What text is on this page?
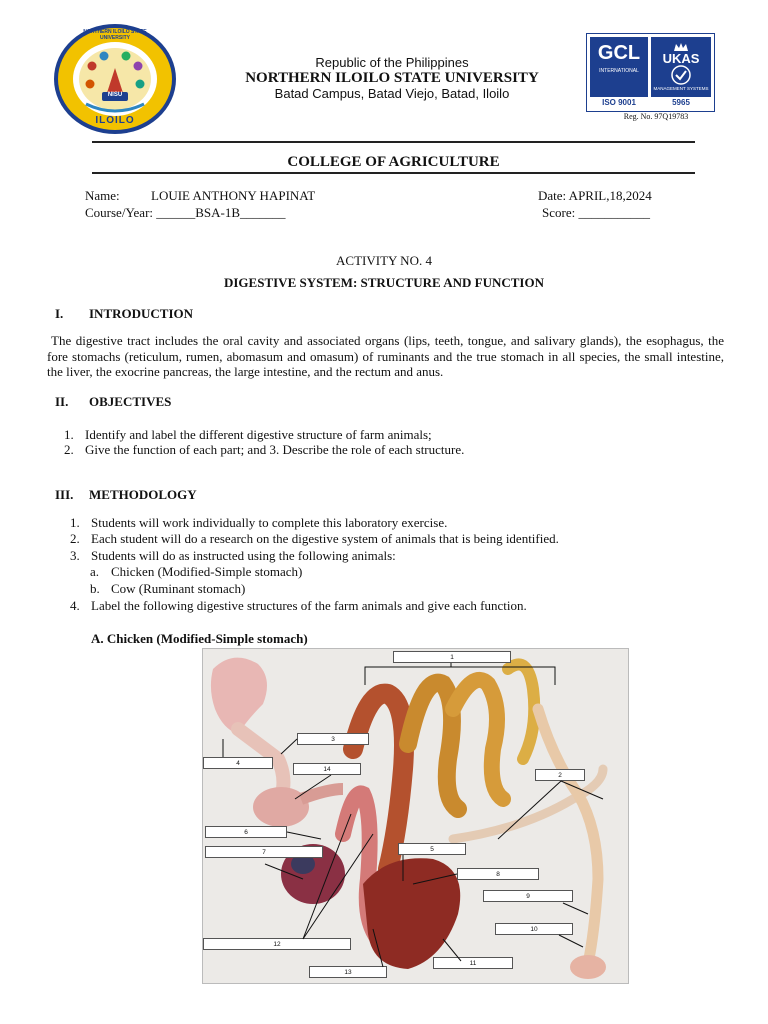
NISU
ILOILO
NORTHERN ILOILO STATE UNIVERSITY
Republic of the Philippines
NORTHERN ILOILO STATE UNIVERSITY
Batad Campus, Batad Viejo, Batad, Iloilo
GCL
INTERNATIONAL
UKAS
MANAGEMENT SYSTEMS
ISO 9001	5965
Reg. No. 97Q19783
COLLEGE OF AGRICULTURE
Name: LOUIE ANTHONY HAPINAT	Date: APRIL,18,2024
Course/Year: ______BSA-1B_______	Score: ___________
ACTIVITY NO. 4
DIGESTIVE SYSTEM: STRUCTURE AND FUNCTION
I. INTRODUCTION
The digestive tract includes the oral cavity and associated organs (lips, teeth, tongue, and salivary glands), the esophagus, the fore stomachs (reticulum, rumen, abomasum and omasum) of ruminants and the true stomach in all species, the small intestine, the liver, the exocrine pancreas, the large intestine, and the rectum and anus.
II. OBJECTIVES
1. Identify and label the different digestive structure of farm animals;
2. Give the function of each part; and 3. Describe the role of each structure.
III. METHODOLOGY
1. Students will work individually to complete this laboratory exercise.
2. Each student will do a research on the digestive system of animals that is being identified.
3. Students will do as instructed using the following animals:
a. Chicken (Modified-Simple stomach)
b. Cow (Ruminant stomach)
4. Label the following digestive structures of the farm animals and give each function.
A. Chicken (Modified-Simple stomach)
1
2
3
4
5
6
7
8
9
10
11
12
13
14
